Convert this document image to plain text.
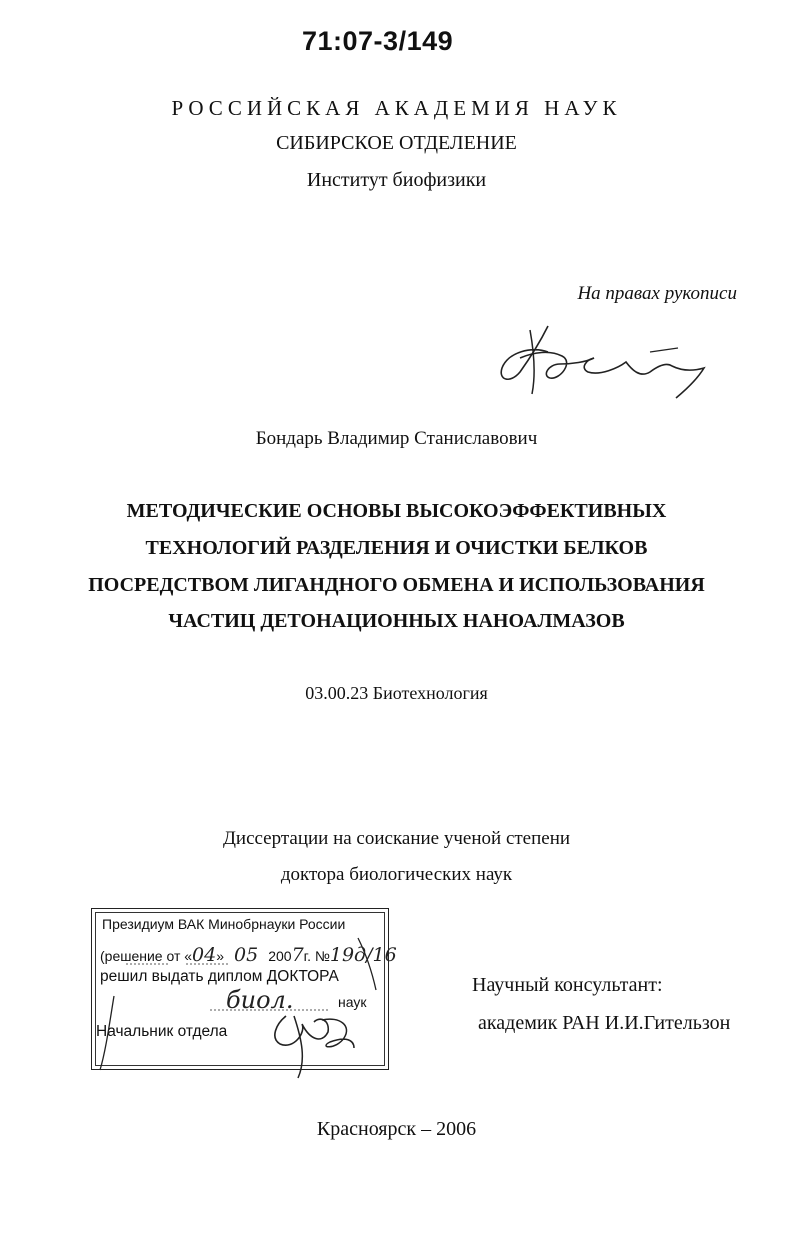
71:07-3/149
РОССИЙСКАЯ АКАДЕМИЯ НАУК
СИБИРСКОЕ ОТДЕЛЕНИЕ
Институт биофизики
На правах рукописи
Бондарь Владимир Станиславович
МЕТОДИЧЕСКИЕ ОСНОВЫ ВЫСОКОЭФФЕКТИВНЫХ
ТЕХНОЛОГИЙ РАЗДЕЛЕНИЯ И ОЧИСТКИ БЕЛКОВ
ПОСРЕДСТВОМ ЛИГАНДНОГО ОБМЕНА И ИСПОЛЬЗОВАНИЯ
ЧАСТИЦ ДЕТОНАЦИОННЫХ НАНОАЛМАЗОВ
03.00.23 Биотехнология
Диссертации на соискание ученой степени
доктора биологических наук
Президиум ВАК Минобрнауки России
(решение от «04» 05 2007г. №19д/16
решил выдать диплом ДОКТОРА
биол.	наук
Начальник отдела
Научный консультант:
академик РАН И.И.Гительзон
Красноярск – 2006
